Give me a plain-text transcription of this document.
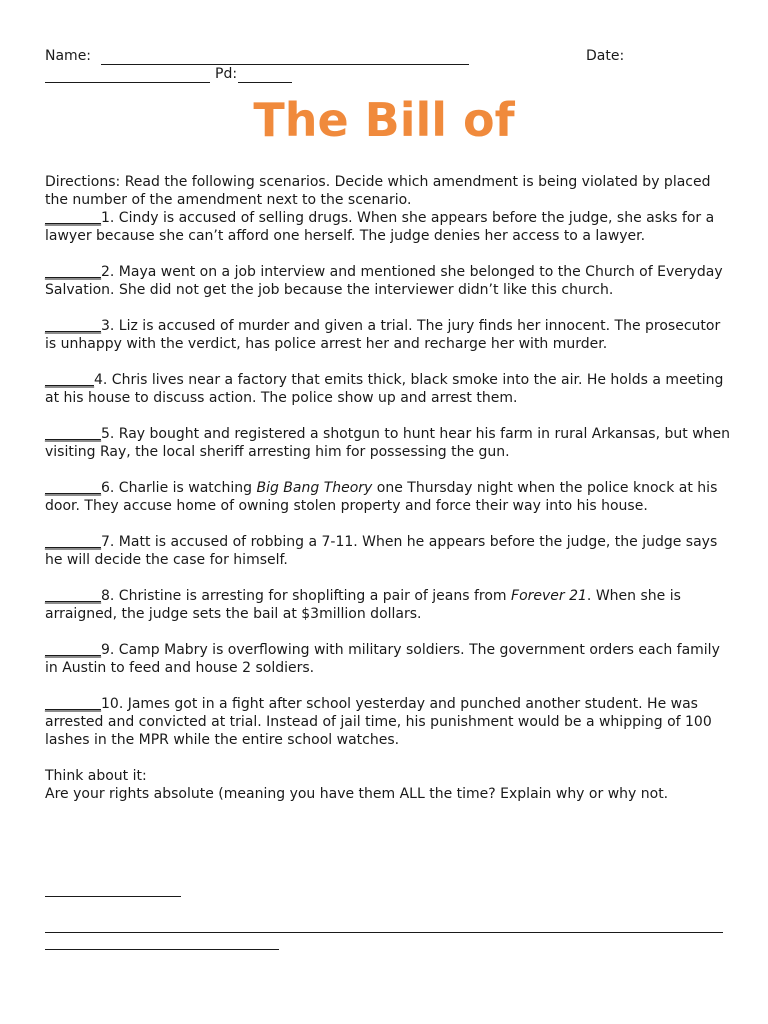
Name:	Date:
Pd:
The Bill of

Directions: Read the following scenarios. Decide which amendment is being violated by placed the number of the amendment next to the scenario.

________1. Cindy is accused of selling drugs. When she appears before the judge, she asks for a lawyer because she can’t afford one herself. The judge denies her access to a lawyer.

________2. Maya went on a job interview and mentioned she belonged to the Church of Everyday Salvation. She did not get the job because the interviewer didn’t like this church.

________3. Liz is accused of murder and given a trial. The jury finds her innocent. The prosecutor is unhappy with the verdict, has police arrest her and recharge her with murder.

_______4. Chris lives near a factory that emits thick, black smoke into the air. He holds a meeting at his house to discuss action. The police show up and arrest them.

________5. Ray bought and registered a shotgun to hunt hear his farm in rural Arkansas, but when visiting Ray, the local sheriff arresting him for possessing the gun.

________6. Charlie is watching Big Bang Theory one Thursday night when the police knock at his door. They accuse home of owning stolen property and force their way into his house.

________7. Matt is accused of robbing a 7-11. When he appears before the judge, the judge says he will decide the case for himself.

________8. Christine is arresting for shoplifting a pair of jeans from Forever 21. When she is arraigned, the judge sets the bail at $3million dollars.

________9. Camp Mabry is overflowing with military soldiers. The government orders each family in Austin to feed and house 2 soldiers.

________10. James got in a fight after school yesterday and punched another student. He was arrested and convicted at trial. Instead of jail time, his punishment would be a whipping of 100 lashes in the MPR while the entire school watches.

Think about it:

Are your rights absolute (meaning you have them ALL the time? Explain why or why not.
